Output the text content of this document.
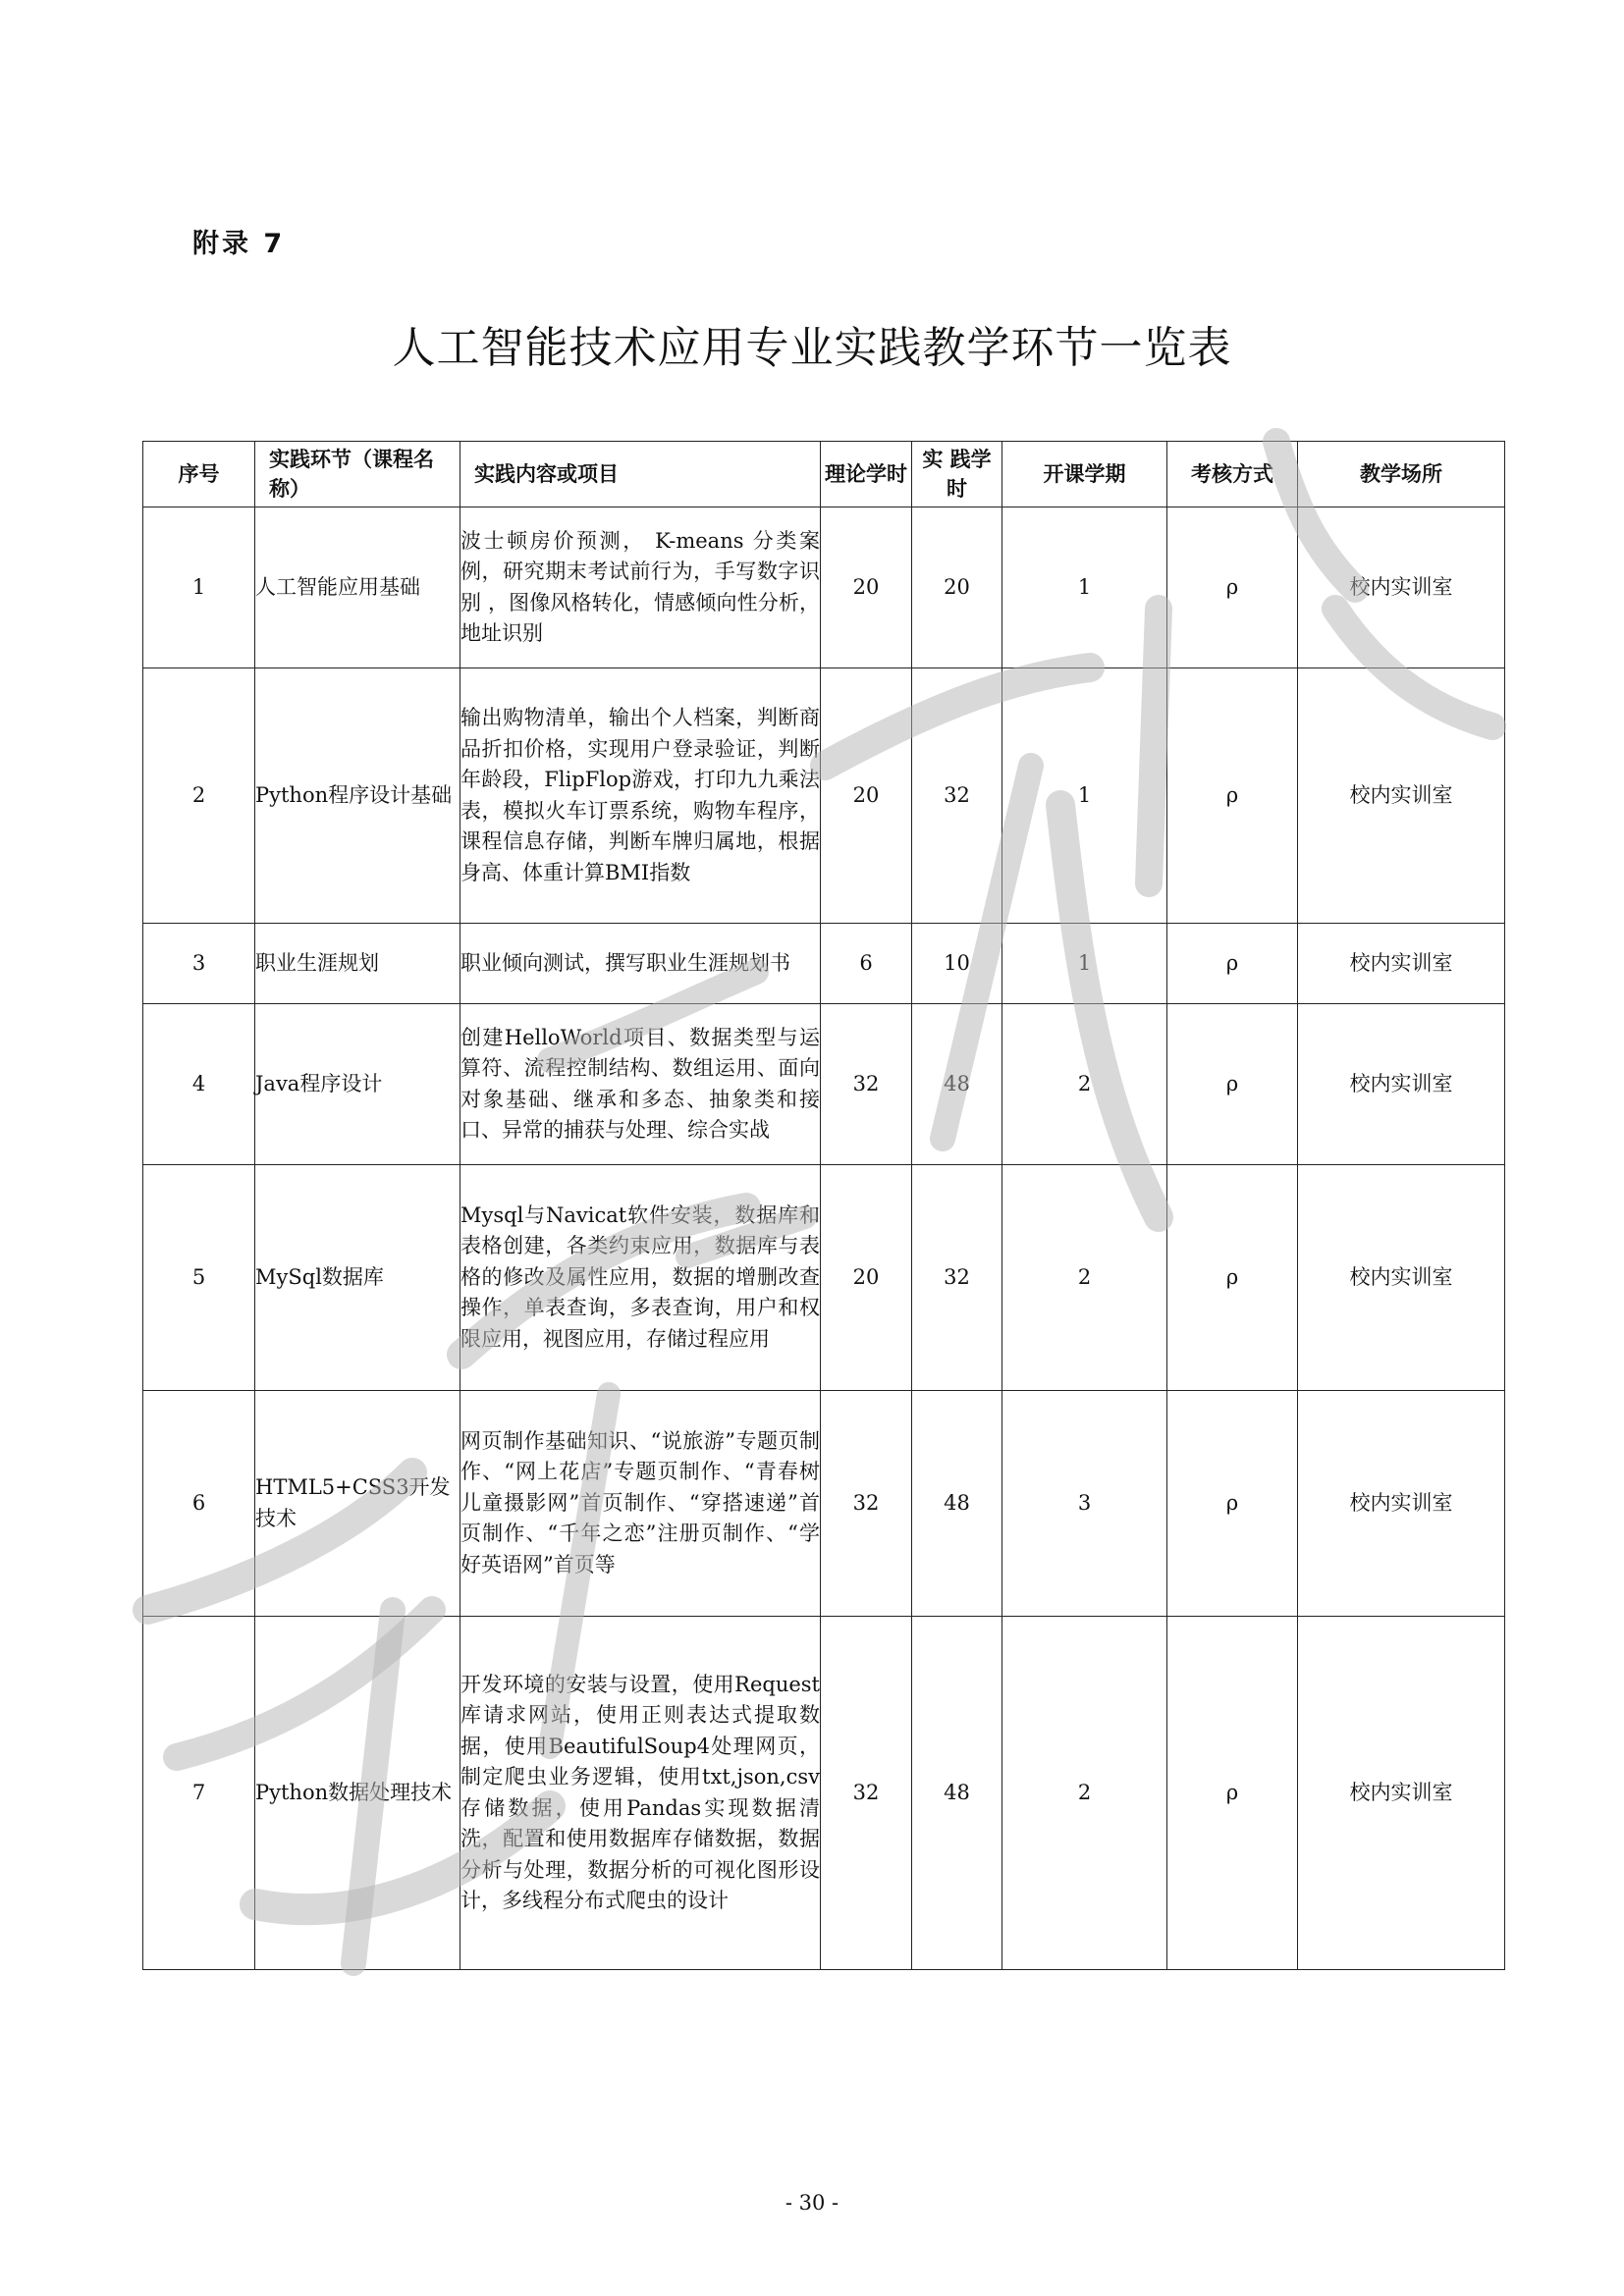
附录 7
人工智能技术应用专业实践教学环节一览表
序号	实践环节（课程名称）	实践内容或项目	理论学时	实 践学时	开课学期	考核方式	教学场所
1	人工智能应用基础	波士顿房价预测， K-means 分类案例，研究期末考试前行为，手写数字识别 ，图像风格转化，情感倾向性分析，地址识别	20	20	1	ρ	校内实训室
2	Python程序设计基础	输出购物清单，输出个人档案，判断商品折扣价格，实现用户登录验证，判断年龄段，FlipFlop游戏，打印九九乘法表，模拟火车订票系统，购物车程序，课程信息存储，判断车牌归属地，根据身高、体重计算BMI指数	20	32	1	ρ	校内实训室
3	职业生涯规划	职业倾向测试，撰写职业生涯规划书	6	10	1	ρ	校内实训室
4	Java程序设计	创建HelloWorld项目、数据类型与运算符、流程控制结构、数组运用、面向对象基础、继承和多态、抽象类和接口、异常的捕获与处理、综合实战	32	48	2	ρ	校内实训室
5	MySql数据库	Mysql与Navicat软件安装，数据库和表格创建，各类约束应用，数据库与表格的修改及属性应用，数据的增删改查操作，单表查询，多表查询，用户和权限应用，视图应用，存储过程应用	20	32	2	ρ	校内实训室
6	HTML5+CSS3开发技术	网页制作基础知识、“说旅游”专题页制作、“网上花店”专题页制作、“青春树儿童摄影网”首页制作、“穿搭速递”首页制作、“千年之恋”注册页制作、“学好英语网”首页等	32	48	3	ρ	校内实训室
7	Python数据处理技术	开发环境的安装与设置，使用Request库请求网站，使用正则表达式提取数据，使用BeautifulSoup4处理网页，制定爬虫业务逻辑，使用txt,json,csv存储数据，使用Pandas实现数据清洗，配置和使用数据库存储数据，数据分析与处理，数据分析的可视化图形设计，多线程分布式爬虫的设计	32	48	2	ρ	校内实训室
- 30 -
